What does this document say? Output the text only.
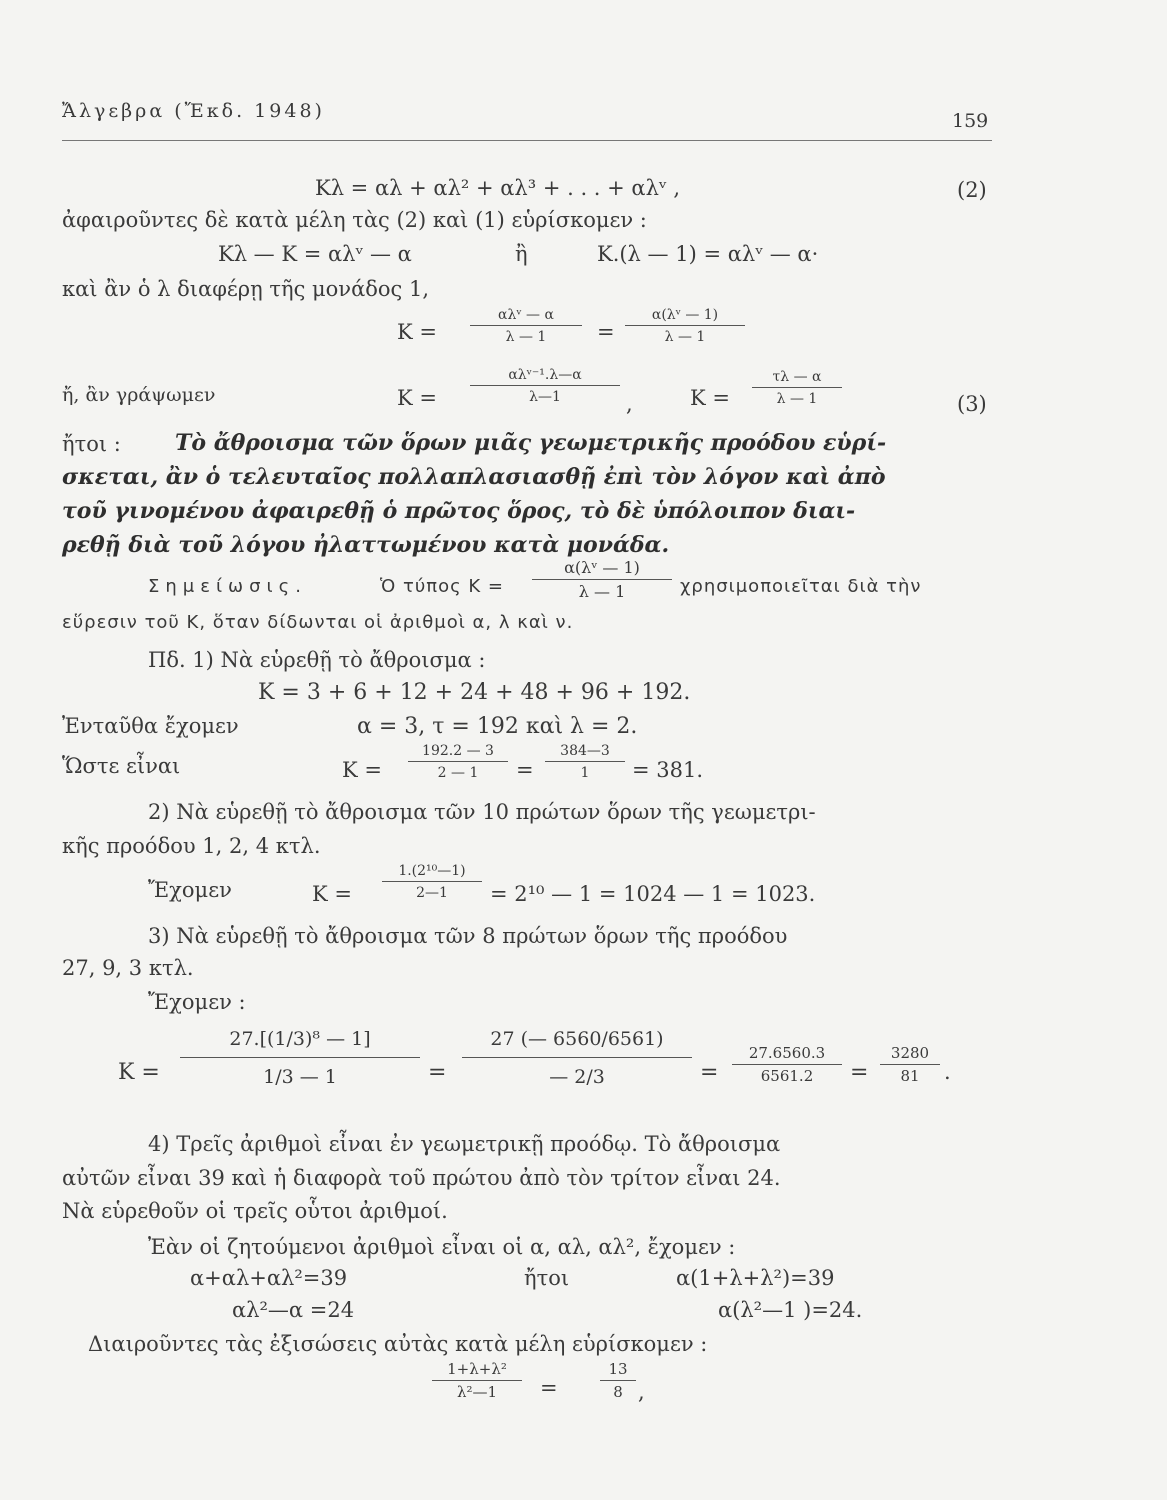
Ἄλγεβρα (Ἔκδ. 1948)	159
Κλ = αλ + αλ² + αλ³ + . . . + αλᵛ ,	(2)
ἀφαιροῦντες δὲ κατὰ μέλη τὰς (2) καὶ (1) εὑρίσκομεν :
Κλ — Κ = αλᵛ — α	ἢ	Κ.(λ — 1) = αλᵛ — α·
καὶ ἂν ὁ λ διαφέρῃ τῆς μονάδος 1,
Κ =
αλᵛ — α
λ — 1	= $\frac{\text{α(λᵛ — 1)}}{\lambda — 1}$
ἤ, ἂν γράψωμεν	Κ =
αλᵛ⁻¹.λ—α
λ—1	,	$K = \frac{\tau\lambda — \alpha}{\lambda — 1}$	(3)
ἤτοι : Τὸ ἄθροισμα τῶν ὅρων μιᾶς γεωμετρικῆς προόδου εὑρί-
σκεται, ἂν ὁ τελευταῖος πολλαπλασιασθῇ ἐπὶ τὸν λόγον καὶ ἀπὸ
τοῦ γινομένου ἀφαιρεθῇ ὁ πρῶτος ὅρος, τὸ δὲ ὑπόλοιπον διαι-
ρεθῇ διὰ τοῦ λόγου ἠλαττωμένου κατὰ μονάδα.
Σημείωσις.	Ὁ τύπος $K = \frac{\text{α(λᵛ — 1)}}{\lambda — 1}$ χρησιμοποιεῖται διὰ τὴν
εὕρεσιν τοῦ Κ, ὅταν δίδωνται οἱ ἀριθμοὶ α, λ καὶ ν.
Πδ. 1) Νὰ εὑρεθῇ τὸ ἄθροισμα :
Κ = 3 + 6 + 12 + 24 + 48 + 96 + 192.
Ἐνταῦθα ἔχομεν	α = 3, τ = 192 καὶ λ = 2.
Ὥστε εἶναι	$K = \frac{192.2 — 3}{2 — 1} = \frac{384—3}{1} = 381$.
2) Νὰ εὑρεθῇ τὸ ἄθροισμα τῶν 10 πρώτων ὅρων τῆς γεωμετρι-
κῆς προόδου 1, 2, 4 κτλ.
Ἔχομεν	$K = \frac{\text{1.(2¹⁰—1)}}{2—1} = 2^{10}$ — 1 = 1024 — 1 = 1023.
3) Νὰ εὑρεθῇ τὸ ἄθροισμα τῶν 8 πρώτων ὅρων τῆς προόδου
27, 9, 3 κτλ.
Ἔχομεν :
$K = \frac{\text{27.[(1/3)⁸ — 1]}}{1/3 — 1} = \frac{27 (— 6560/6561)}{— 2/3} = \frac{27.6560.3}{6561.2} = \frac{3280}{81}$ .
4) Τρεῖς ἀριθμοὶ εἶναι ἐν γεωμετρικῇ προόδῳ. Τὸ ἄθροισμα
αὐτῶν εἶναι 39 καὶ ἡ διαφορὰ τοῦ πρώτου ἀπὸ τὸν τρίτον εἶναι 24.
Νὰ εὑρεθοῦν οἱ τρεῖς οὗτοι ἀριθμοί.
Ἐὰν οἱ ζητούμενοι ἀριθμοὶ εἶναι οἱ α, αλ, αλ², ἔχομεν :
α+αλ+αλ²=39	ἤτοι	α(1+λ+λ²)=39
αλ²—α =24	α(λ²—1 )=24.
Διαιροῦντες τὰς ἐξισώσεις αὐτὰς κατὰ μέλη εὑρίσκομεν :
$\frac{\text{1+λ+λ²}}{\text{λ²—1}}$ =	$\frac{13}{8}$ ,
